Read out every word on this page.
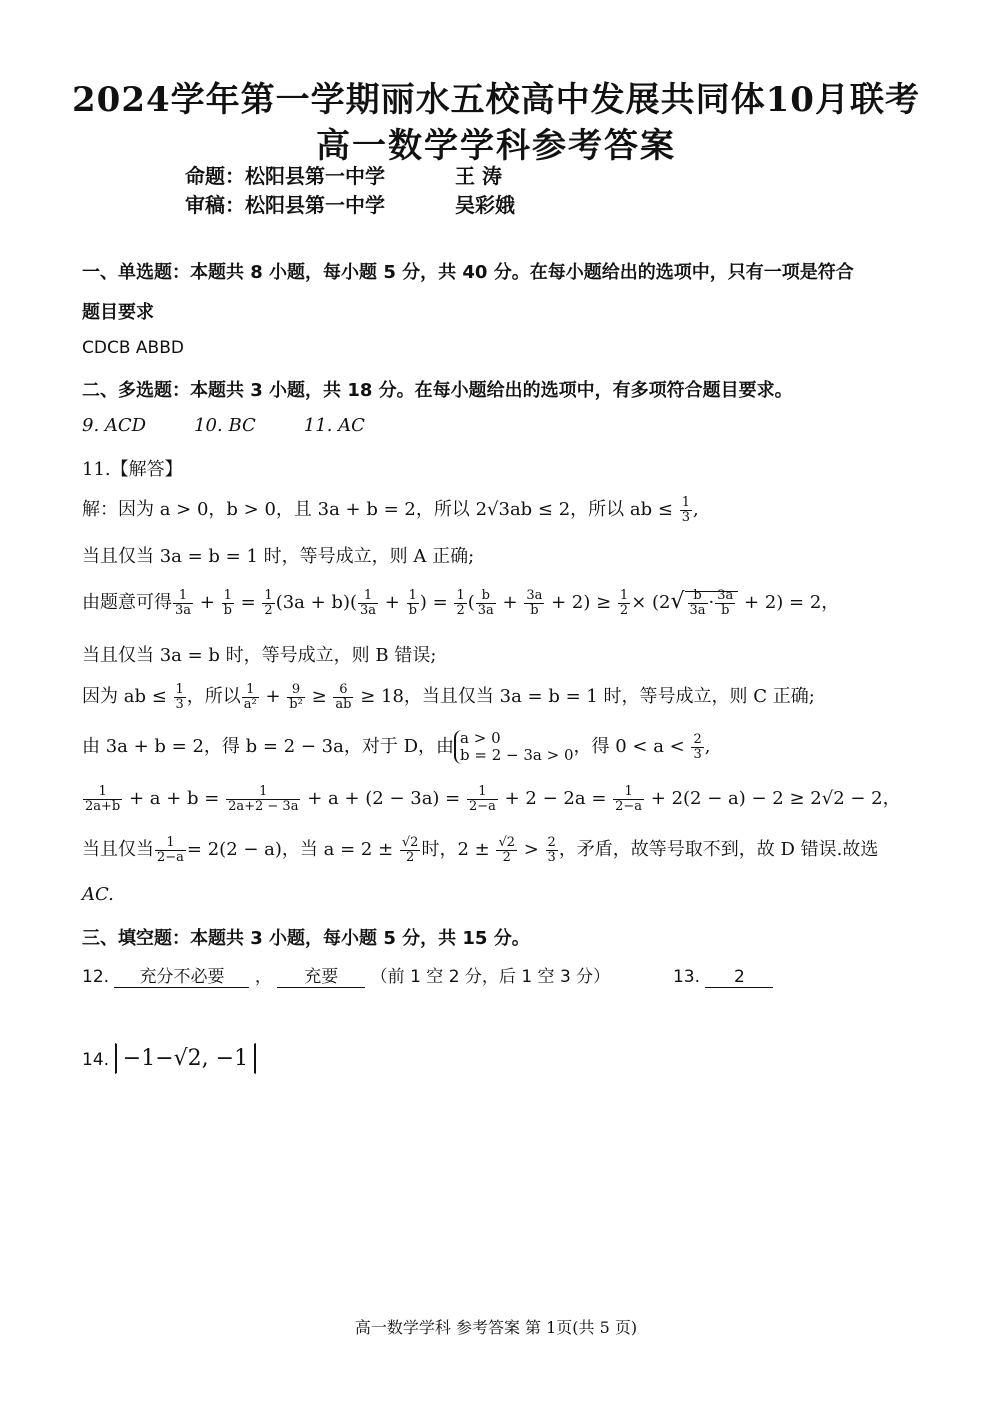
2024学年第一学期丽水五校高中发展共同体10月联考
高一数学学科参考答案
命题：松阳县第一中学	王 涛
审稿：松阳县第一中学	吴彩娥
一、单选题：本题共 8 小题，每小题 5 分，共 40 分。在每小题给出的选项中，只有一项是符合
题目要求
CDCB ABBD
二、多选题：本题共 3 小题，共 18 分。在每小题给出的选项中，有多项符合题目要求。
9. ACD	10. BC	11. AC
11.【解答】
解：因为 a > 0，b > 0，且 3a + b = 2，所以 2√3ab ≤ 2，所以 ab ≤ $\frac{1}{3}$ ,
当且仅当 3a = b = 1 时，等号成立，则 A 正确;
由题意可得 $\frac{1}{3a} + \frac{1}{b} = \frac{1}{2} (3a + b)( \frac{1}{3a} + \frac{1}{b}$ ) = $\frac{1}{2}$ ( $\frac{b}{3a} + \frac{3a}{b} + 2) \ge \frac{1}{2} \times (2√ \frac{b}{3a} \cdot \frac{3a}{b} + 2) = 2$，
当且仅当 3a = b 时，等号成立，则 B 错误;
因为 ab ≤ $\frac{1}{3}$ ，所以 $\frac{1}{\text{a²}} + \frac{9}{\text{b²}} \ge \frac{6}{ab} \ge 18$，当且仅当 3a = b = 1 时，等号成立，则 C 正确;
由 3a + b = 2，得 b = 2 − 3a，对于 D，由 a > 0
b = 2 − 3a > 0，得 $0 < a < \frac{2}{3}$ ,
$\frac{1}{2a+b} + a + b = \frac{1}{2a+2 - 3a} + a + (2 - 3a) = \frac{1}{2-a} + 2 - 2a = \frac{1}{2-a} + 2(2 - a) - 2 \ge 2√2 - 2$，
当且仅当 $\frac{1}{2-a} = 2(2 - a)$，当 $a = 2 \pm \frac{√2}{2}$ 时，$2 \pm \frac{√2}{2} > \frac{2}{3}$ ，矛盾，故等号取不到，故 D 错误.故选
AC.
三、填空题：本题共 3 小题，每小题 5 分，共 15 分。
12. 充分不必要 ， 充要 （前 1 空 2 分，后 1 空 3 分）	13. 2
14. −1−√2, −1
高一数学学科 参考答案 第 1页(共 5 页)
